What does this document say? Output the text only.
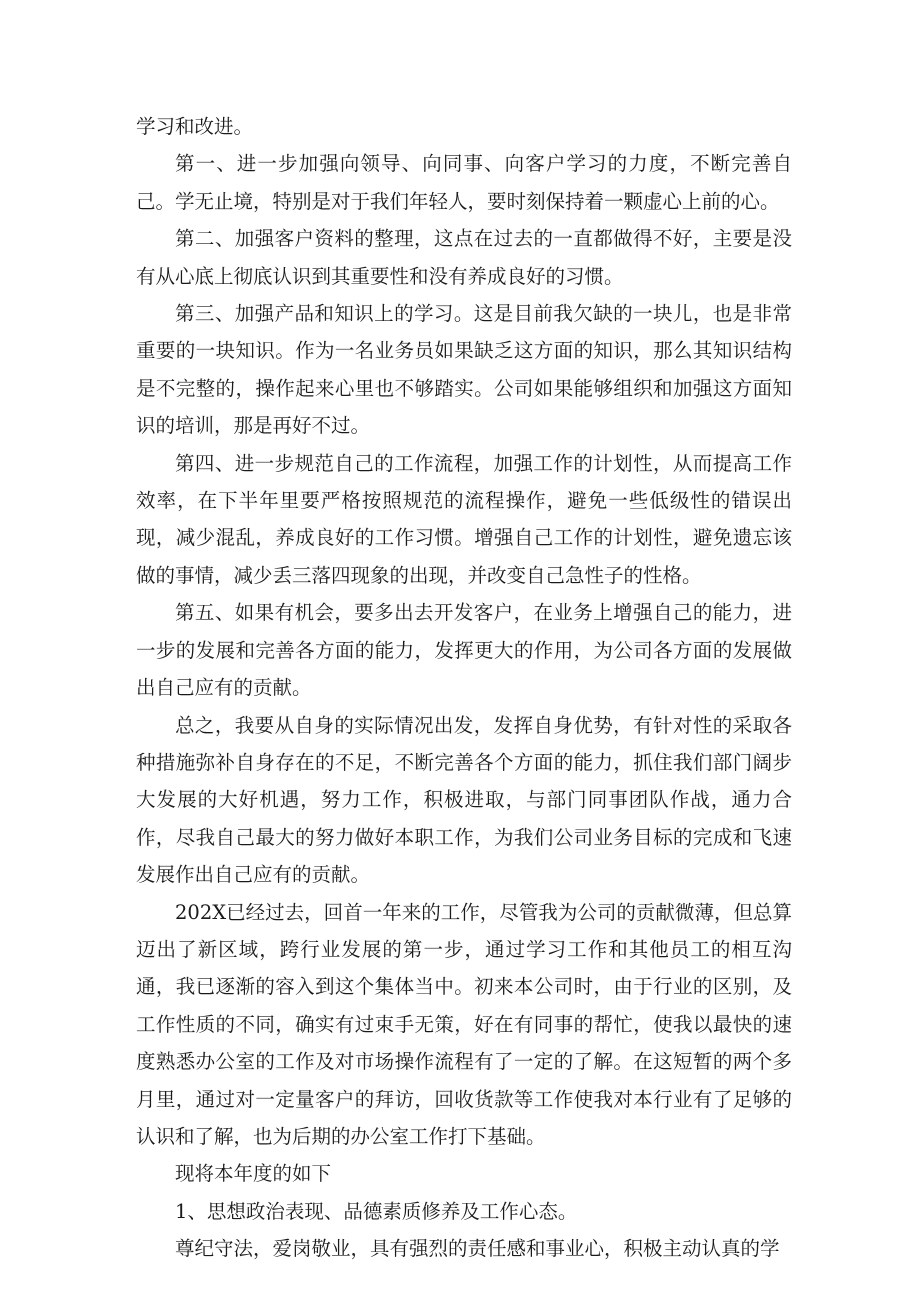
学习和改进。

第一、进一步加强向领导、向同事、向客户学习的力度，不断完善自己。学无止境，特别是对于我们年轻人，要时刻保持着一颗虚心上前的心。

第二、加强客户资料的整理，这点在过去的一直都做得不好，主要是没有从心底上彻底认识到其重要性和没有养成良好的习惯。

第三、加强产品和知识上的学习。这是目前我欠缺的一块儿，也是非常重要的一块知识。作为一名业务员如果缺乏这方面的知识，那么其知识结构是不完整的，操作起来心里也不够踏实。公司如果能够组织和加强这方面知识的培训，那是再好不过。

第四、进一步规范自己的工作流程，加强工作的计划性，从而提高工作效率，在下半年里要严格按照规范的流程操作，避免一些低级性的错误出现，减少混乱，养成良好的工作习惯。增强自己工作的计划性，避免遗忘该做的事情，减少丢三落四现象的出现，并改变自己急性子的性格。

第五、如果有机会，要多出去开发客户，在业务上增强自己的能力，进一步的发展和完善各方面的能力，发挥更大的作用，为公司各方面的发展做出自己应有的贡献。

总之，我要从自身的实际情况出发，发挥自身优势，有针对性的采取各种措施弥补自身存在的不足，不断完善各个方面的能力，抓住我们部门阔步大发展的大好机遇，努力工作，积极进取，与部门同事团队作战，通力合作，尽我自己最大的努力做好本职工作，为我们公司业务目标的完成和飞速发展作出自己应有的贡献。

202X已经过去，回首一年来的工作，尽管我为公司的贡献微薄，但总算迈出了新区域，跨行业发展的第一步，通过学习工作和其他员工的相互沟通，我已逐渐的容入到这个集体当中。初来本公司时，由于行业的区别，及工作性质的不同，确实有过束手无策，好在有同事的帮忙，使我以最快的速度熟悉办公室的工作及对市场操作流程有了一定的了解。在这短暂的两个多月里，通过对一定量客户的拜访，回收货款等工作使我对本行业有了足够的认识和了解，也为后期的办公室工作打下基础。

现将本年度的如下

1、思想政治表现、品德素质修养及工作心态。

尊纪守法，爱岗敬业，具有强烈的责任感和事业心，积极主动认真的学
